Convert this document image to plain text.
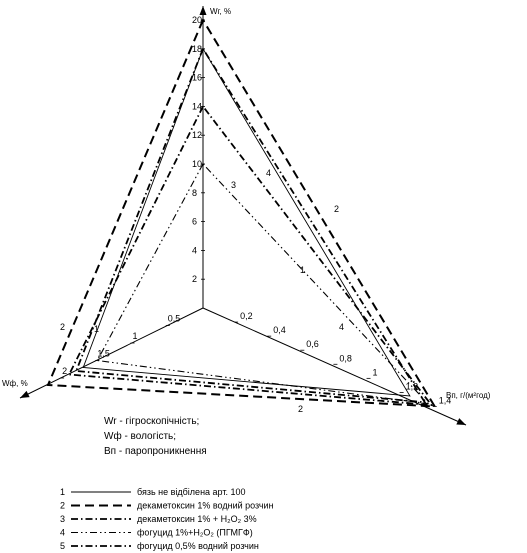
2
4
6
8
10
12
14
16
18
20
0,5
1
1,5
2
0,2
0,4
0,6
0,8
1
1,2
1,4
Wг, %
Wф, %
Вп, г/(м²год)
4
3
2
1
2	1
2
4
1	бязь не відбілена арт. 100
2	декаметоксин 1% водний розчин
3	декаметоксин 1% + H₂O₂ 3%
4	фогуцид 1%+H₂O₂ (ПГМГФ)
5	фогуцид 0,5% водний розчин
Wr - гігроскопічність;
Wф - вологість;
Вп - паропроникнення
